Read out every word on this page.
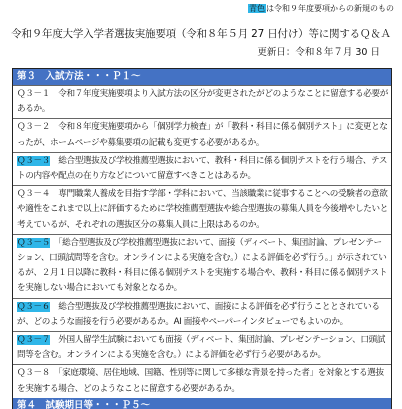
青色は令和９年度要項からの新規のもの
令和９年度大学入学者選抜実施要項（令和８年５月 27 日付け）等に関するＱ＆Ａ
更新日：令和８年７月 30 日
第３　入試方法・・・Ｐ１～
Ｑ３－１　 令和７年度実施要項より入試方法の区分が変更されたがどのようなことに留意する必要があるか。
Ｑ３－２　 令和８年度実施要項から「個別学力検査」が「教科・科目に係る個別テスト」に変更となったが、ホームページや募集要項の記載も変更する必要があるか。
Ｑ３－３　 総合型選抜及び学校推薦型選抜において、教科・科目に係る個別テストを行う場合、テストの内容や配点の在り方などについて留意すべきことはあるか。
Ｑ３－４　 専門職業人養成を目指す学部・学科において、当該職業に従事することへの受験者の意欲や適性をこれまで以上に評価するために学校推薦型選抜や総合型選抜の募集人員を今後増やしたいと考えているが、それぞれの選抜区分の募集人員に上限はあるのか。
Ｑ３－５　 「総合型選抜及び学校推薦型選抜において、面接（ディベート、集団討論、プレゼンテーション、口頭試問等を含む。オンラインによる実施を含む。）による評価を必ず行う。」が示されているが、２月１日以降に教科・科目に係る個別テストを実施する場合や、教科・科目に係る個別テストを実施しない場合においても対象となるか。
Ｑ３－６　 総合型選抜及び学校推薦型選抜において、面接による評価を必ず行うこととされているが、どのような面接を行う必要があるか。AI 面接やペーパーインタビューでもよいのか。
Ｑ３－７　 外国人留学生試験においても面接（ディベート、集団討論、プレゼンテーション、口頭試問等を含む。オンラインによる実施を含む。）による評価を必ず行う必要があるか。
Ｑ３－８　 「家庭環境、居住地域、国籍、性別等に関して多様な背景を持った者」を対象とする選抜を実施する場合、どのようなことに留意する必要があるか。
第４　試験期日等・・・Ｐ５～
